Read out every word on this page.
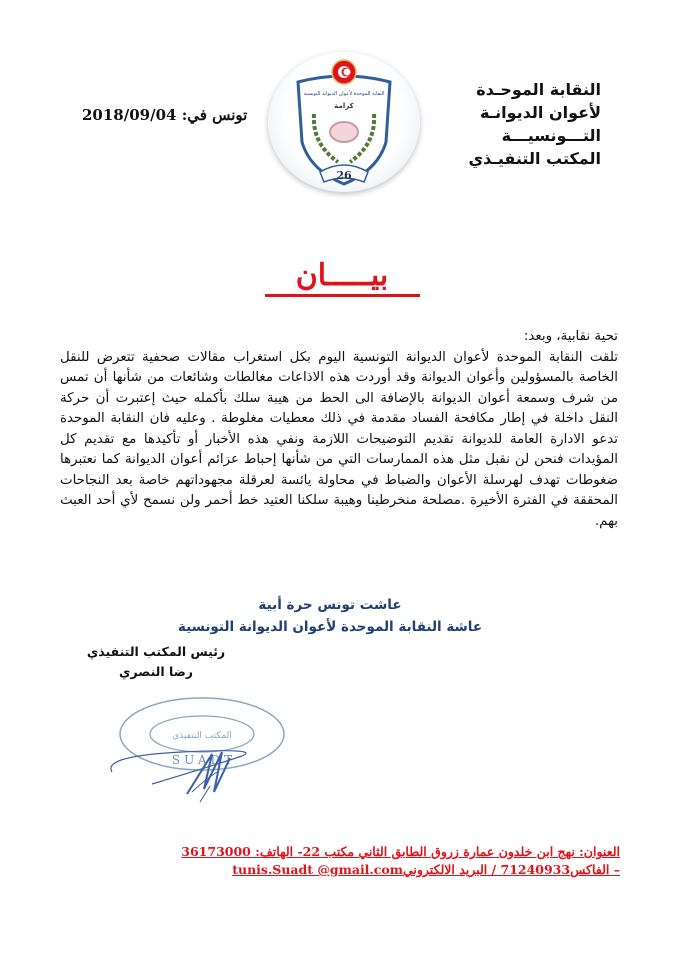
النقابة الموحـدة
لأعوان الديوانـة
التـــونسيـــة
المكتب التنفيـذي
النقابة الموحدة لأعوان الديوانة التونسية
كرامة
26
تونس في: 2018/09/04
بيـــــان

تحية نقابية، وبعد:

تلقت النقابة الموحدة لأعوان الديوانة التونسية اليوم بكل استغراب مقالات صحفية تتعرض للنقل الخاصة بالمسؤولين وأعوان الديوانة وقد أوردت هذه الاذاعات مغالطات وشائعات من شأنها أن تمس من شرف وسمعة أعوان الديوانة بالإضافة الى الحط من هيبة سلك بأكمله حيث إعتبرت أن حركة النقل داخلة في إطار مكافحة الفساد مقدمة في ذلك معطيات مغلوطة . وعليه فان النقابة الموحدة تدعو الادارة العامة للديوانة تقديم التوضيحات اللازمة ونفي هذه الأخبار أو تأكيدها مع تقديم كل المؤيدات فنحن لن نقبل مثل هذه الممارسات التي من شأنها إحباط عزائم أعوان الديوانة كما نعتبرها ضغوطات تهدف لهرسلة الأعوان والضباط في محاولة يائسة لعرقلة مجهوداتهم خاصة بعد النجاحات المحققة في الفترة الأخيرة .مصلحة منخرطينا وهيبة سلكنا العتيد خط أحمر ولن نسمح لأي أحد العبث بهم.

عاشت تونس حرة أبية
عاشة النقابة الموحدة لأعوان الديوانة التونسية
رئيس المكتب التنفيذي
رضا النصري
المكتب التنفيذي
SUADT
العنوان: نهج ابن خلدون عمارة زروق الطابق الثاني مكتب 22- الهاتف: 36173000
– الفاكس71240933 / البريد الالكترونيtunis.Suadt @gmail.com
